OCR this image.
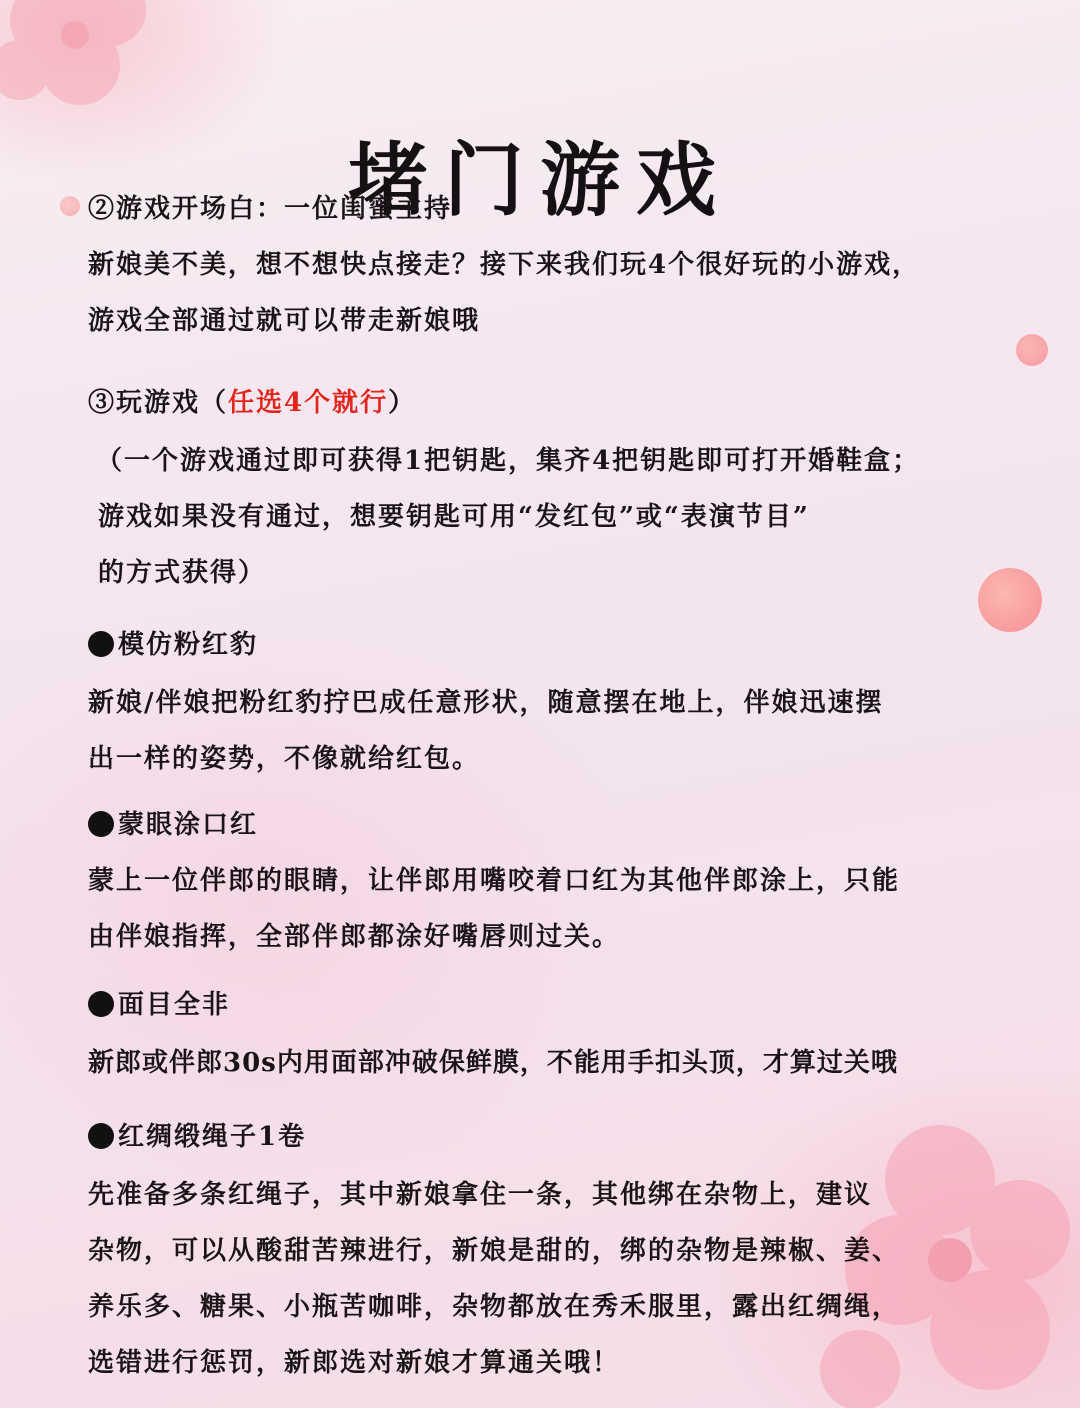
堵门游戏
②游戏开场白：一位闺蜜主持
新娘美不美，想不想快点接走？接下来我们玩4个很好玩的小游戏，
游戏全部通过就可以带走新娘哦
③玩游戏（任选4个就行）
（一个游戏通过即可获得1把钥匙，集齐4把钥匙即可打开婚鞋盒；
游戏如果没有通过，想要钥匙可用“发红包”或“表演节目”
的方式获得）
模仿粉红豹
新娘/伴娘把粉红豹拧巴成任意形状，随意摆在地上，伴娘迅速摆
出一样的姿势，不像就给红包。
蒙眼涂口红
蒙上一位伴郎的眼睛，让伴郎用嘴咬着口红为其他伴郎涂上，只能
由伴娘指挥，全部伴郎都涂好嘴唇则过关。
面目全非
新郎或伴郎30s内用面部冲破保鲜膜，不能用手扣头顶，才算过关哦
红绸缎绳子1卷
先准备多条红绳子，其中新娘拿住一条，其他绑在杂物上，建议
杂物，可以从酸甜苦辣进行，新娘是甜的，绑的杂物是辣椒、姜、
养乐多、糖果、小瓶苦咖啡，杂物都放在秀禾服里，露出红绸绳，
选错进行惩罚，新郎选对新娘才算通关哦！
